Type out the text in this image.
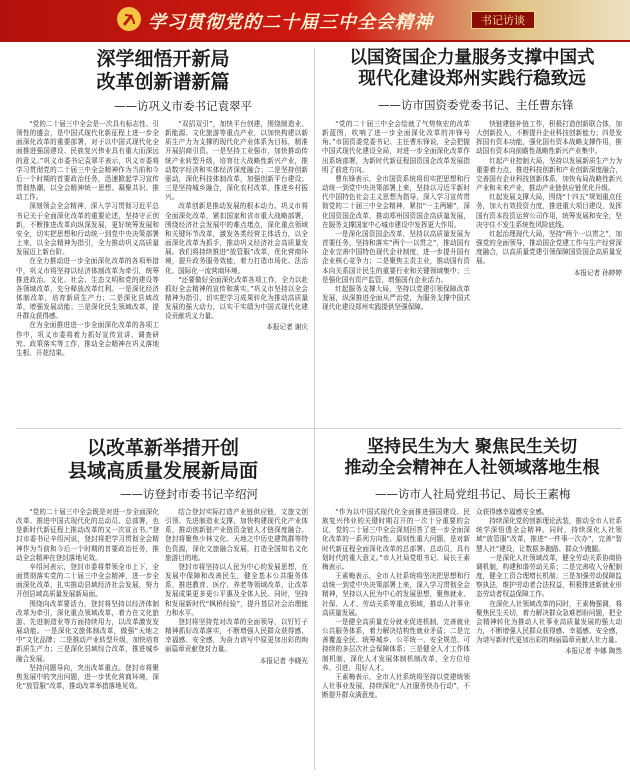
学习贯彻党的二十届三中全会精神	书记访谈
深学细悟开新局
改革创新谱新篇
——访巩义市委书记袁翠平

“党的二十届三中全会是一次具有标志性、引领性的盛会，是中国式现代化新征程上进一步全面深化改革的重要部署，对于以中国式现代化全面推进强国建设、民族复兴伟业具有重大而深远的意义。”巩义市委书记袁翠平表示，巩义市委将学习贯彻党的二十届三中全会精神作为当前和今后一个时期的首要政治任务，迅速掀起学习宣传贯彻热潮，以全会精神统一思想、凝聚共识、推动工作。

深刻领会全会精神，深入学习贯彻习近平总书记关于全面深化改革的重要论述，坚持守正创新，不断推进改革向纵深发展，更好统筹发展和安全，切实把思想和行动统一到党中央决策部署上来，以全会精神为指引，全力推动巩义高质量发展迈上新台阶。

在全力推动进一步全面深化改革的各项举措中，巩义市将坚持以经济体制改革为牵引，统筹推进政治、文化、社会、生态文明和党的建设等各领域改革，充分释放改革红利。一是深化经济体制改革，培育新质生产力；二是深化县域改革，增强发展动能；三是深化民生领域改革，提升群众获得感。

在为全面推进进一步全面深化改革的各项工作中，巩义市委将着力抓好宣传宣讲、调查研究、政策落实等工作，推动全会精神在巩义落地生根、开花结果。

“双招双引”，加快平台创建，围绕制造业、新能源、文化旅游等重点产业，以加快构建以新质生产力为支撑的现代化产业体系为目标，精准开展招商引资。一是坚持工业强市，加快推动传统产业转型升级，培育壮大战略性新兴产业，推动数字经济和实体经济深度融合；二是坚持创新驱动，深化科技体制改革，加强创新平台建设；三是坚持城乡融合，深化农村改革，推进乡村振兴。

改革创新是推动发展的根本动力。巩义市将全面深化改革，紧扣国家和省市重大战略部署，围绕经济社会发展中的难点堵点，深化重点领域和关键环节改革，激发各类经营主体活力，以全面深化改革为抓手，推动巩义经济社会高质量发展。我们将持续推进“放管服”改革，优化营商环境，提升政务服务效能，着力打造市场化、法治化、国际化一流营商环境。

“还要做好全面深化改革各项工作，全力以赴抓好全会精神的宣传和落实。”巩义市坚持以全会精神为指引，切实把学习成果转化为推动高质量发展的强大动力，以实干实绩为中国式现代化建设贡献巩义力量。

本报记者 谢庆

以国资国企力量服务支撑中国式
现代化建设郑州实践行稳致远
——访市国资委党委书记、主任曹东锋

“党的二十届三中全会绘就了气势恢宏的改革新蓝图，吹响了进一步全面深化改革的冲锋号角。”市国资委党委书记、主任曹东锋说，全会把握中国式现代化建设全局，对进一步全面深化改革作出系统部署，为新时代新征程国资国企改革发展指明了前进方向。

曹东锋表示，全市国资系统将切实把思想和行动统一到党中央决策部署上来，坚持以习近平新时代中国特色社会主义思想为指导，深入学习宣传贯彻党的二十届三中全会精神，紧扣“一主两辅”，深化国资国企改革，推动郑州国资国企高质量发展，在服务支撑国家中心城市建设中发挥更大作用。

一是深化国资国企改革，坚持以高质量发展为首要任务，坚持和落实“两个一以贯之”，推动国有企业完善中国特色现代企业制度，进一步提升国有企业核心竞争力；二是聚焦主责主业，推动国有资本向关系国计民生的重要行业和关键领域集中；三是强化国有资产监管，增强国有企业活力。

红起服务支撑大局，坚持以党建引领保障改革发展，纵深推进全面从严治党，为服务支撑中国式现代化建设郑州实践提供坚强保障。

快链建链补链工作，积极打造创新联合体，加大创新投入，不断提升企业科技创新能力；四是发挥国有资本功能，强化国有资本战略支撑作用，推动国有资本向前瞻性战略性新兴产业集中。

红起产业控制大局，坚持以发展新质生产力为重要着力点，推进科技创新和产业创新深度融合，完善国有企业科技创新体系，加快布局战略性新兴产业和未来产业，推动产业链供应链优化升级。

红起发展支撑大局，围绕“十四五”规划重点任务，加大有效投资力度，推进重大项目建设，发挥国有资本投资运营公司作用，统筹发展和安全，坚决守住不发生系统性风险底线。

红起治理现代大局，坚持“两个一以贯之”，加强党的全面领导，推动国企党建工作与生产经营深度融合，以高质量党建引领保障国资国企高质量发展。

本报记者 孙婷婷

以改革新举措开创
县域高质量发展新局面
——访登封市委书记辛绍河

“党的二十届三中全会既是对进一步全面深化改革、推进中国式现代化的总动员、总部署，也是新时代新征程上推动改革的又一次宣言书。”登封市委书记辛绍河说，登封将把学习贯彻全会精神作为当前和今后一个时期的首要政治任务，推动全会精神在登封落地见效。

辛绍河表示，登封市委将带领全市上下，全面贯彻落实党的二十届三中全会精神，进一步全面深化改革，扎实推动县域经济社会发展，努力开创县域高质量发展新局面。

围绕向改革要活力，登封将坚持以经济体制改革为牵引，深化重点领域改革，着力在文化旅游、先进制造业等方面持续用力，以改革激发发展动能。一是深化文旅体制改革，做强“天地之中”文化品牌；二是推动产业转型升级，加快培育新质生产力；三是深化县域综合改革，推进城乡融合发展。

坚持问题导向，突出改革重点。登封市将聚焦发展中的突出问题，进一步优化营商环境，深化“放管服”改革，推动改革举措落地见效。

结合登封实际打造产业链供应链，文旅文创引领、先进制造业支撑，加快构建现代化产业体系，推动创新链产业链资金链人才链深度融合。登封将聚焦少林文化、天地之中历史建筑群等特色资源，深化文旅融合发展，打造全国知名文化旅游目的地。

登封市将坚持以人民为中心的发展思想，在发展中保障和改善民生，健全基本公共服务体系，推进教育、医疗、养老等领域改革，让改革发展成果更多更公平惠及全体人民。同时，坚持和发展新时代“枫桥经验”，提升基层社会治理能力和水平。

登封将坚持党对改革的全面领导，以钉钉子精神抓好改革落实，不断增强人民群众获得感、幸福感、安全感，为奋力谱写中原更加出彩的绚丽篇章贡献登封力量。

本报记者 李晓光

坚持民生为大 聚焦民生关切
推动全会精神在人社领域落地生根
——访市人社局党组书记、局长王素梅

“作为以中国式现代化全面推进强国建设、民族复兴伟业的关键时期召开的一次十分重要的会议，党的二十届三中全会深刻回答了进一步全面深化改革的一系列方向性、原则性重大问题，是对新时代新征程全面深化改革的总部署、总动员，具有划时代的重大意义。”市人社局党组书记、局长王素梅表示。

王素梅表示，全市人社系统将坚决把思想和行动统一到党中央决策部署上来，深入学习贯彻全会精神，坚持以人民为中心的发展思想，聚焦就业、社保、人才、劳动关系等重点领域，推动人社事业高质量发展。

一是健全高质量充分就业促进机制，完善就业公共服务体系，着力解决结构性就业矛盾；二是完善覆盖全民、统筹城乡、公平统一、安全规范、可持续的多层次社会保障体系；三是健全人才工作体制机制，深化人才发展体制机制改革，全方位培养、引进、用好人才。

王素梅表示，全市人社系统将坚持以党建统领人社事业发展，持续深化“人社服务快办行动”，不断提升群众满意度。

众获得感幸福感安全感。

持续深化党的创新理论武装，推动全市人社系统学深悟透全会精神。同时，持续深化人社领域“放管服”改革，推进“一件事一次办”，完善“智慧人社”建设，让数据多跑路、群众少跑腿。

一是深化人社领域改革，健全劳动关系协商协调机制，构建和谐劳动关系；二是完善收入分配制度，健全工资合理增长机制；三是加强劳动保障监察执法，维护劳动者合法权益，积极推进新就业形态劳动者权益保障工作。

在深化人社领域改革的同时，王素梅强调，将聚焦民生关切，着力解决群众急难愁盼问题，把全会精神转化为推动人社事业高质量发展的强大动力，不断增强人民群众获得感、幸福感、安全感，为谱写新时代更加出彩的绚丽篇章贡献人社力量。

本报记者 李娜 陶然
